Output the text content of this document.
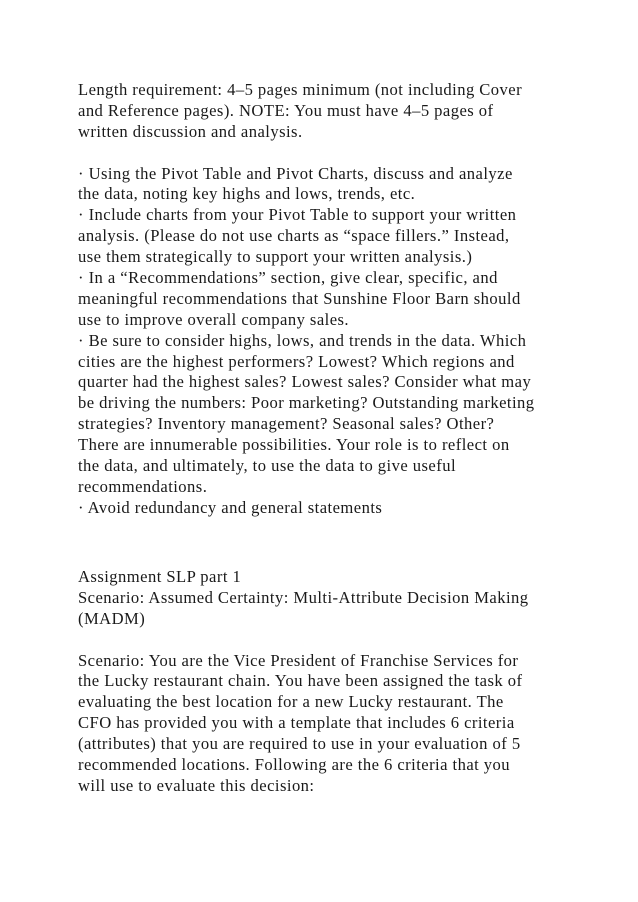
Length requirement: 4–5 pages minimum (not including Cover
and Reference pages). NOTE: You must have 4–5 pages of
written discussion and analysis.
· Using the Pivot Table and Pivot Charts, discuss and analyze
the data, noting key highs and lows, trends, etc.
· Include charts from your Pivot Table to support your written
analysis. (Please do not use charts as “space fillers.” Instead,
use them strategically to support your written analysis.)
· In a “Recommendations” section, give clear, specific, and
meaningful recommendations that Sunshine Floor Barn should
use to improve overall company sales.
· Be sure to consider highs, lows, and trends in the data. Which
cities are the highest performers? Lowest? Which regions and
quarter had the highest sales? Lowest sales? Consider what may
be driving the numbers: Poor marketing? Outstanding marketing
strategies? Inventory management? Seasonal sales? Other?
There are innumerable possibilities. Your role is to reflect on
the data, and ultimately, to use the data to give useful
recommendations.
· Avoid redundancy and general statements
Assignment SLP part 1
Scenario: Assumed Certainty: Multi-Attribute Decision Making
(MADM)
Scenario: You are the Vice President of Franchise Services for
the Lucky restaurant chain. You have been assigned the task of
evaluating the best location for a new Lucky restaurant. The
CFO has provided you with a template that includes 6 criteria
(attributes) that you are required to use in your evaluation of 5
recommended locations. Following are the 6 criteria that you
will use to evaluate this decision:
